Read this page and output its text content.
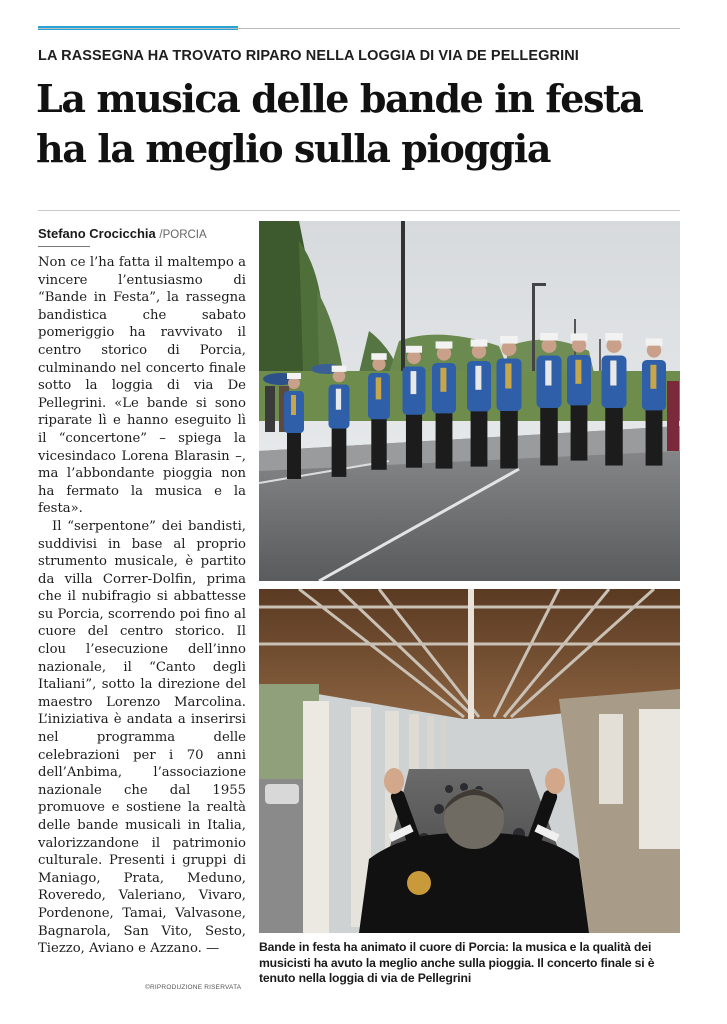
LA RASSEGNA HA TROVATO RIPARO NELLA LOGGIA DI VIA DE PELLEGRINI
La musica delle bande in festa
ha la meglio sulla pioggia
Stefano Crocicchia /PORCIA

Non ce l’ha fatta il maltempo a vincere l’entusiasmo di “Bande in Festa”, la rassegna bandistica che sabato pomeriggio ha ravvivato il centro storico di Porcia, culminando nel concerto finale sotto la loggia di via De Pellegrini. «Le bande si sono riparate lì e hanno eseguito lì il “concertone” – spiega la vicesindaco Lorena Blarasin –, ma l’abbondante pioggia non ha fermato la musica e la festa».

Il “serpentone” dei bandisti, suddivisi in base al proprio strumento musicale, è partito da villa Correr-Dolfin, prima che il nubifragio si abbattesse su Porcia, scorrendo poi fino al cuore del centro storico. Il clou l’esecuzione dell’inno nazionale, il “Canto degli Italiani”, sotto la direzione del maestro Lorenzo Marcolina. L’iniziativa è andata a inserirsi nel programma delle celebrazioni per i 70 anni dell’Anbima, l’associazione nazionale che dal 1955 promuove e sostiene la realtà delle bande musicali in Italia, valorizzandone il patrimonio culturale. Presenti i gruppi di Maniago, Prata, Meduno, Roveredo, Valeriano, Vivaro, Pordenone, Tamai, Valvasone, Bagnarola, San Vito, Sesto, Tiezzo, Aviano e Azzano. —

©RIPRODUZIONE RISERVATA
Bande in festa ha animato il cuore di Porcia: la musica e la qualità dei musicisti ha avuto la meglio anche sulla pioggia. Il concerto finale si è tenuto nella loggia di via de Pellegrini
